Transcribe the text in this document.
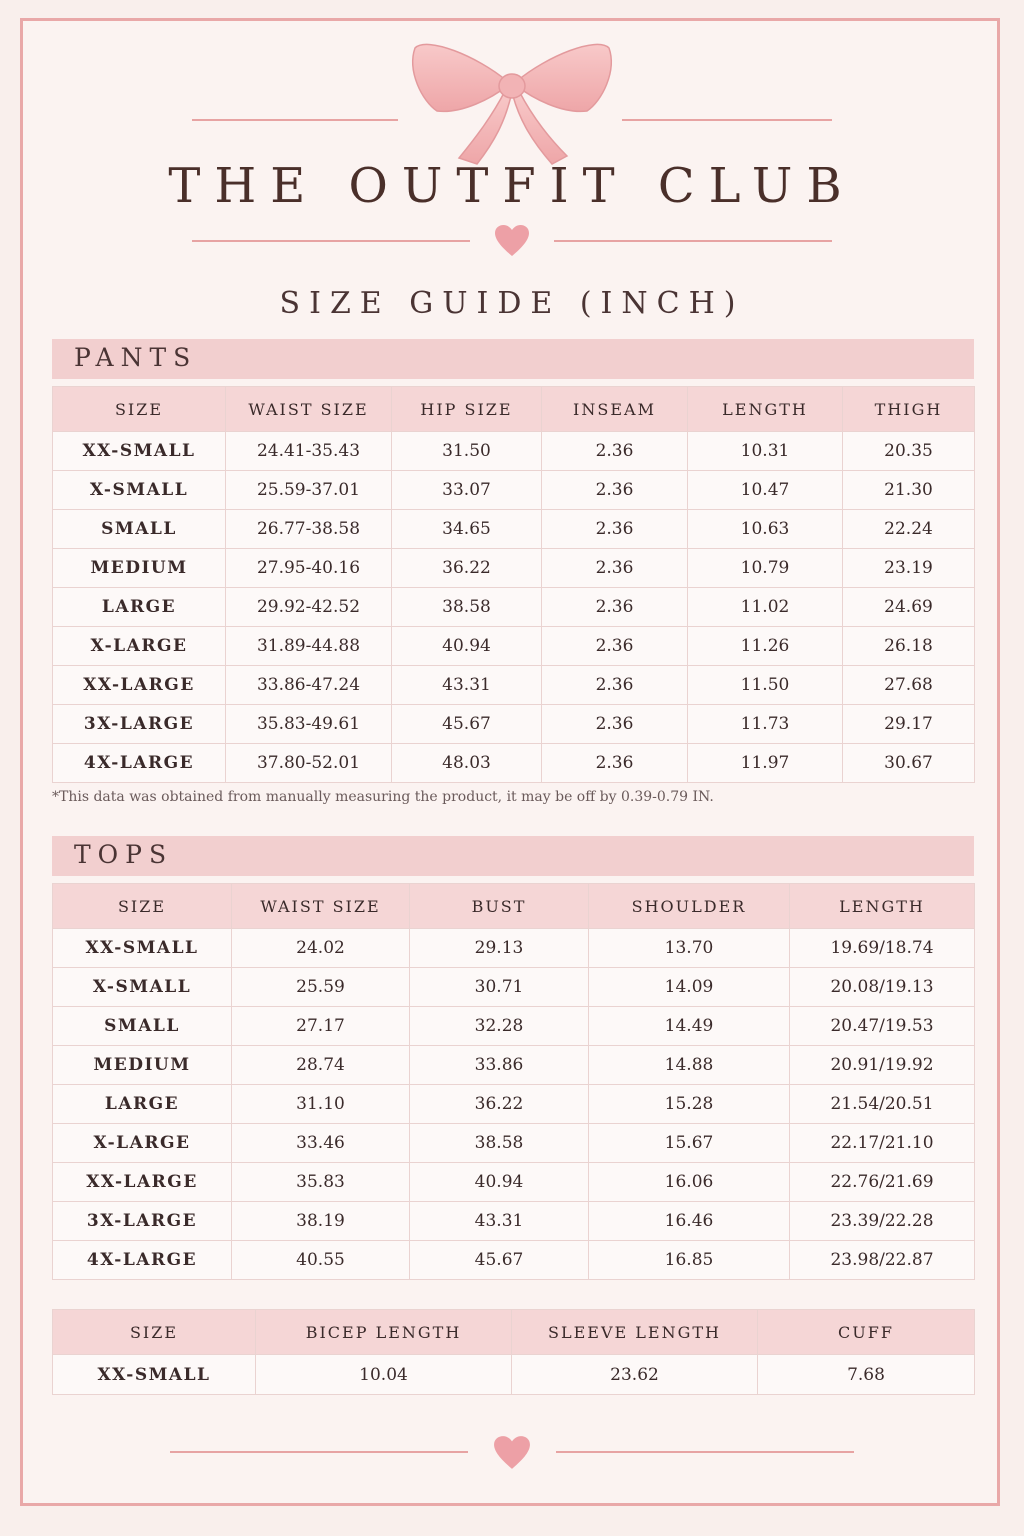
THE OUTFIT CLUB
SIZE GUIDE (INCH)
PANTS
SIZE	WAIST SIZE	HIP SIZE	INSEAM	LENGTH	THIGH
XX-SMALL	24.41-35.43	31.50	2.36	10.31	20.35
X-SMALL	25.59-37.01	33.07	2.36	10.47	21.30
SMALL	26.77-38.58	34.65	2.36	10.63	22.24
MEDIUM	27.95-40.16	36.22	2.36	10.79	23.19
LARGE	29.92-42.52	38.58	2.36	11.02	24.69
X-LARGE	31.89-44.88	40.94	2.36	11.26	26.18
XX-LARGE	33.86-47.24	43.31	2.36	11.50	27.68
3X-LARGE	35.83-49.61	45.67	2.36	11.73	29.17
4X-LARGE	37.80-52.01	48.03	2.36	11.97	30.67
*This data was obtained from manually measuring the product, it may be off by 0.39-0.79 IN.
TOPS
SIZE	WAIST SIZE	BUST	SHOULDER	LENGTH
XX-SMALL	24.02	29.13	13.70	19.69/18.74
X-SMALL	25.59	30.71	14.09	20.08/19.13
SMALL	27.17	32.28	14.49	20.47/19.53
MEDIUM	28.74	33.86	14.88	20.91/19.92
LARGE	31.10	36.22	15.28	21.54/20.51
X-LARGE	33.46	38.58	15.67	22.17/21.10
XX-LARGE	35.83	40.94	16.06	22.76/21.69
3X-LARGE	38.19	43.31	16.46	23.39/22.28
4X-LARGE	40.55	45.67	16.85	23.98/22.87
SIZE	BICEP LENGTH	SLEEVE LENGTH	CUFF
XX-SMALL	10.04	23.62	7.68
